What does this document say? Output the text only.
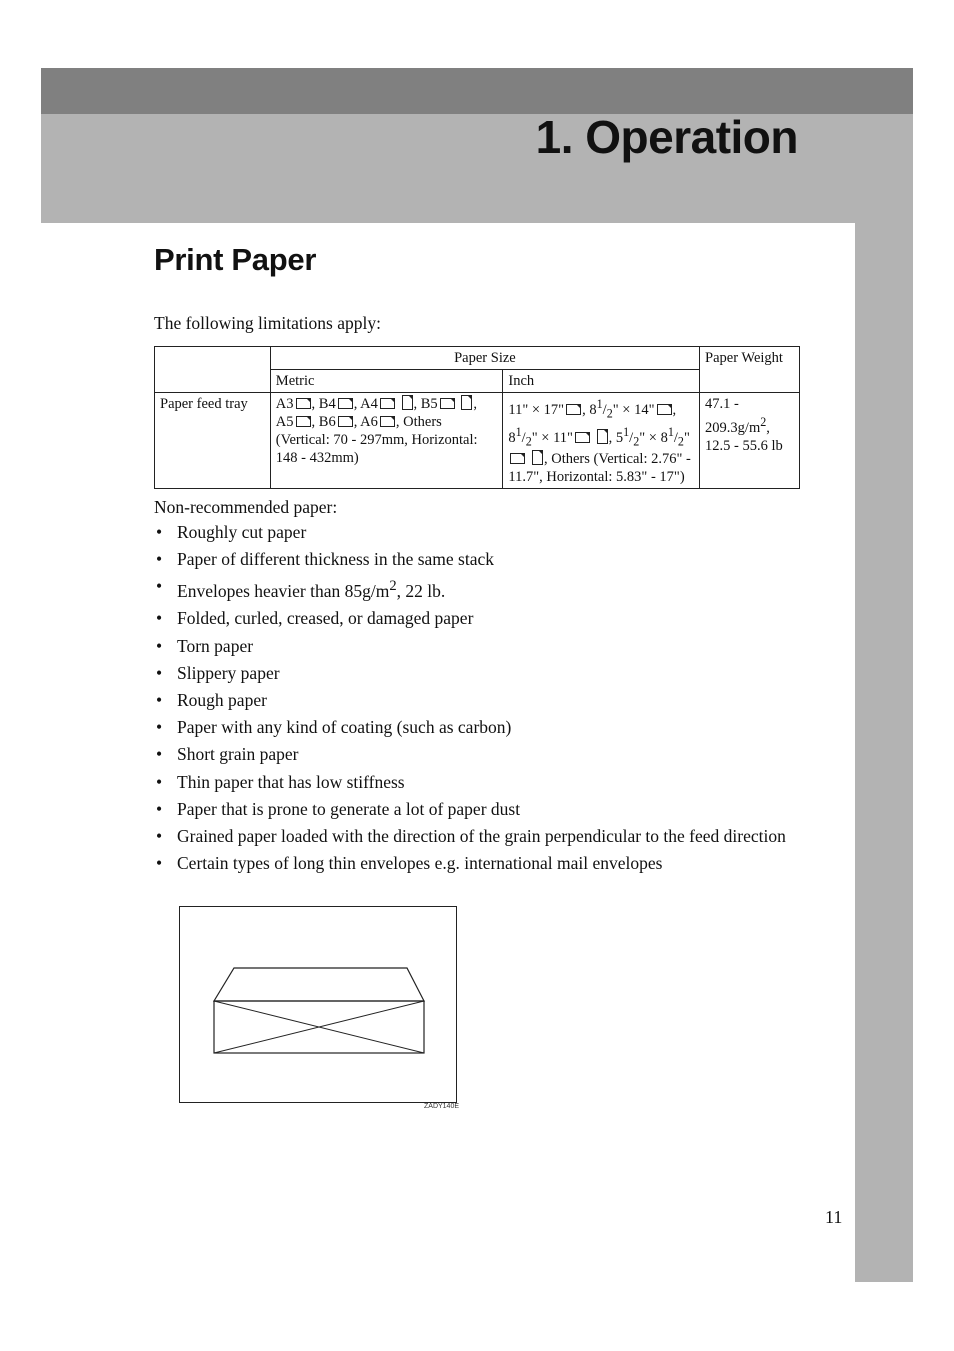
1. Operation
Print Paper
The following limitations apply:
	Paper Size		Paper Weight
	Metric	Inch	
Paper feed tray	A3 , B4 , A4 , B5 , A5 , B6 , A6 , Others (Vertical: 70 - 297mm, Horizontal: 148 - 432mm)	11" × 17" , $8^1/_2$" × 14" , $8^1/_2$" × 11" , $5^1/_2$" × $8^1/_2$"  , Others (Vertical: 2.76" - 11.7", Horizontal: 5.83" - 17")	$47.1 - 209.3g/m^2$, 12.5 - 55.6 lb
Non-recommended paper:
• Roughly cut paper
• Paper of different thickness in the same stack
• Envelopes heavier than $85g/m^2$, 22 lb.
• Folded, curled, creased, or damaged paper
• Torn paper
• Slippery paper
• Rough paper
• Paper with any kind of coating (such as carbon)
• Short grain paper
• Thin paper that has low stiffness
• Paper that is prone to generate a lot of paper dust
• Grained paper loaded with the direction of the grain perpendicular to the feed direction
• Certain types of long thin envelopes e.g. international mail envelopes
ZADY140E
11
